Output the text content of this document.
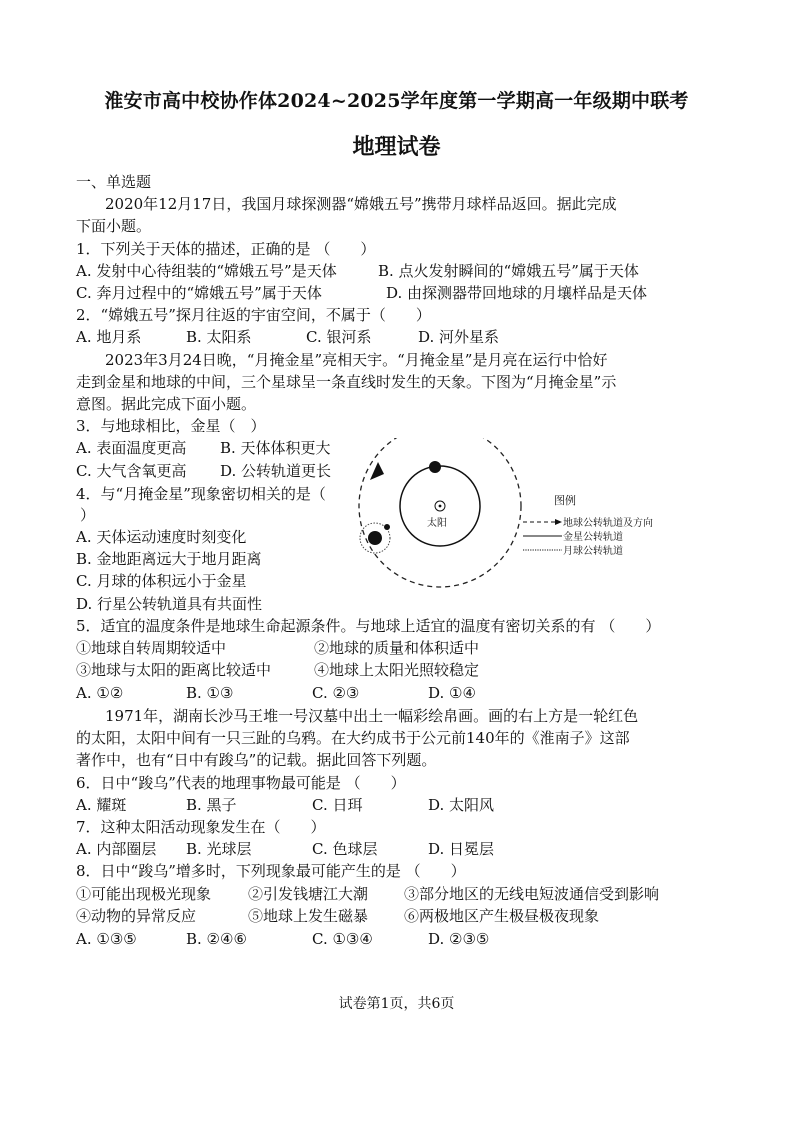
淮安市高中校协作体2024~2025学年度第一学期高一年级期中联考
地理试卷
一、单选题
2020年12月17日，我国月球探测器“嫦娥五号”携带月球样品返回。据此完成
下面小题。
1．下列关于天体的描述，正确的是 （　　）
A. 发射中心待组装的“嫦娥五号”是天体	B. 点火发射瞬间的“嫦娥五号”属于天体
C. 奔月过程中的“嫦娥五号”属于天体	D. 由探测器带回地球的月壤样品是天体
2．“嫦娥五号”探月往返的宇宙空间，不属于（　　）
A. 地月系	B. 太阳系	C. 银河系	D. 河外星系
2023年3月24日晚，“月掩金星”亮相天宇。“月掩金星”是月亮在运行中恰好
走到金星和地球的中间，三个星球呈一条直线时发生的天象。下图为“月掩金星”示
意图。据此完成下面小题。
3．与地球相比，金星（　）
A. 表面温度更高 B. 天体体积更大
C. 大气含氧更高 D. 公转轨道更长
4．与“月掩金星”现象密切相关的是（
）
A. 天体运动速度时刻变化
B. 金地距离远大于地月距离
C. 月球的体积远小于金星
D. 行星公转轨道具有共面性
太阳
图例
地球公转轨道及方向
金星公转轨道
月球公转轨道
5．适宜的温度条件是地球生命起源条件。与地球上适宜的温度有密切关系的有 （　　）
①地球自转周期较适中	②地球的质量和体积适中
③地球与太阳的距离比较适中	④地球上太阳光照较稳定
A. ①②	B. ①③	C. ②③	D. ①④
1971年，湖南长沙马王堆一号汉墓中出土一幅彩绘帛画。画的右上方是一轮红色
的太阳，太阳中间有一只三趾的乌鸦。在大约成书于公元前140年的《淮南子》这部
著作中，也有“日中有踆乌”的记载。据此回答下列题。
6．日中“踆乌”代表的地理事物最可能是 （　　）
A. 耀斑	B. 黑子	C. 日珥	D. 太阳风
7．这种太阳活动现象发生在（　　）
A. 内部圈层 B. 光球层	C. 色球层	D. 日冕层
8．日中“踆乌”增多时，下列现象最可能产生的是 （　　）
①可能出现极光现象 ②引发钱塘江大潮 ③部分地区的无线电短波通信受到影响
④动物的异常反应	⑤地球上发生磁暴 ⑥两极地区产生极昼极夜现象
A. ①③⑤	B. ②④⑥	C. ①③④	D. ②③⑤
试卷第1页，共6页
